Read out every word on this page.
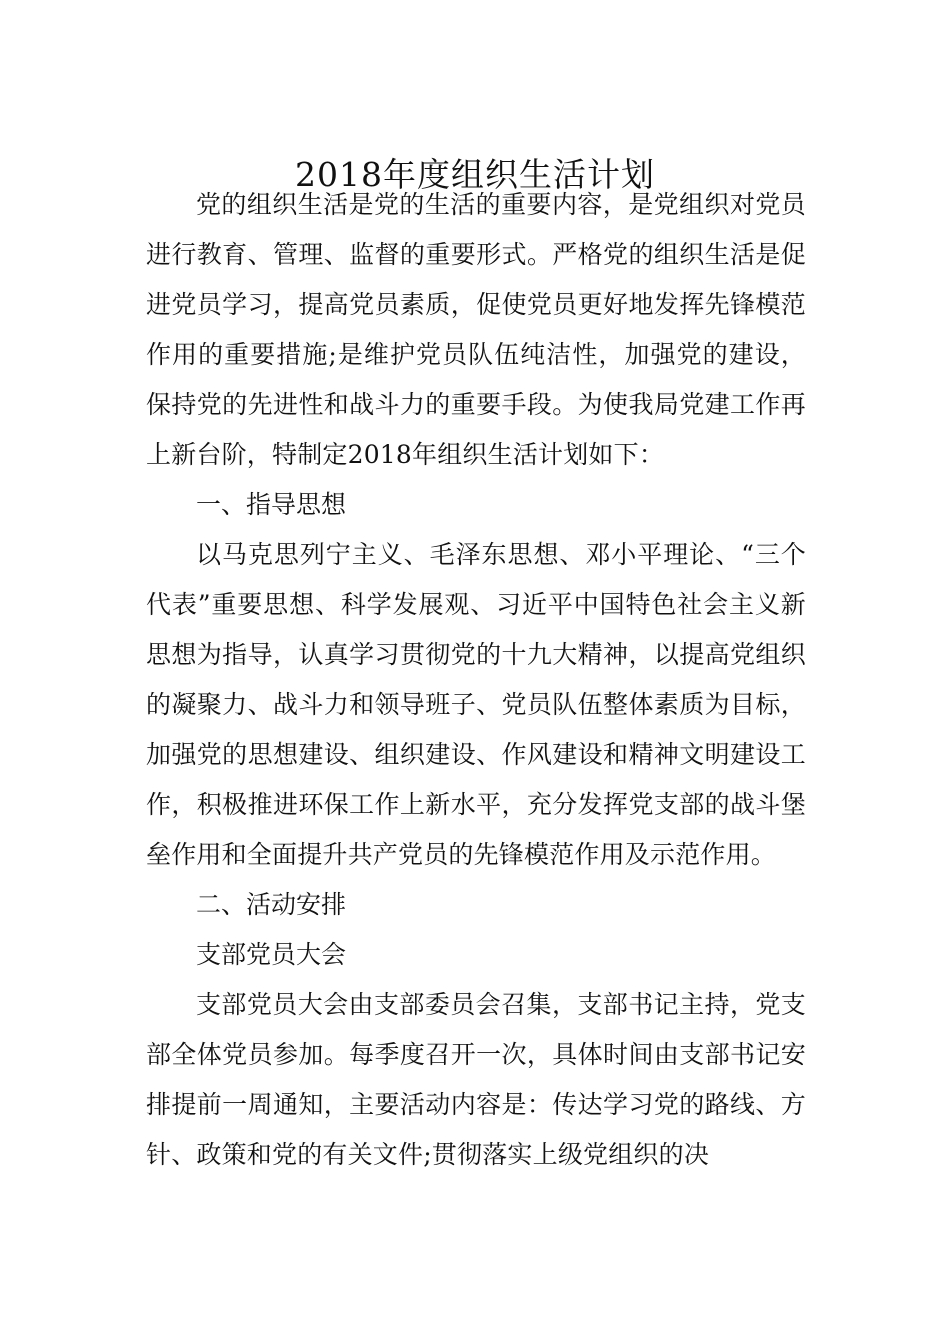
2018年度组织生活计划

党的组织生活是党的生活的重要内容，是党组织对党员进行教育、管理、监督的重要形式。严格党的组织生活是促进党员学习，提高党员素质，促使党员更好地发挥先锋模范作用的重要措施;是维护党员队伍纯洁性，加强党的建设，保持党的先进性和战斗力的重要手段。为使我局党建工作再上新台阶，特制定2018年组织生活计划如下：

一、指导思想

以马克思列宁主义、毛泽东思想、邓小平理论、“三个代表”重要思想、科学发展观、习近平中国特色社会主义新思想为指导，认真学习贯彻党的十九大精神，以提高党组织的凝聚力、战斗力和领导班子、党员队伍整体素质为目标，加强党的思想建设、组织建设、作风建设和精神文明建设工作，积极推进环保工作上新水平，充分发挥党支部的战斗堡垒作用和全面提升共产党员的先锋模范作用及示范作用。

二、活动安排

支部党员大会

支部党员大会由支部委员会召集，支部书记主持，党支部全体党员参加。每季度召开一次，具体时间由支部书记安排提前一周通知，主要活动内容是：传达学习党的路线、方针、政策和党的有关文件;贯彻落实上级党组织的决
